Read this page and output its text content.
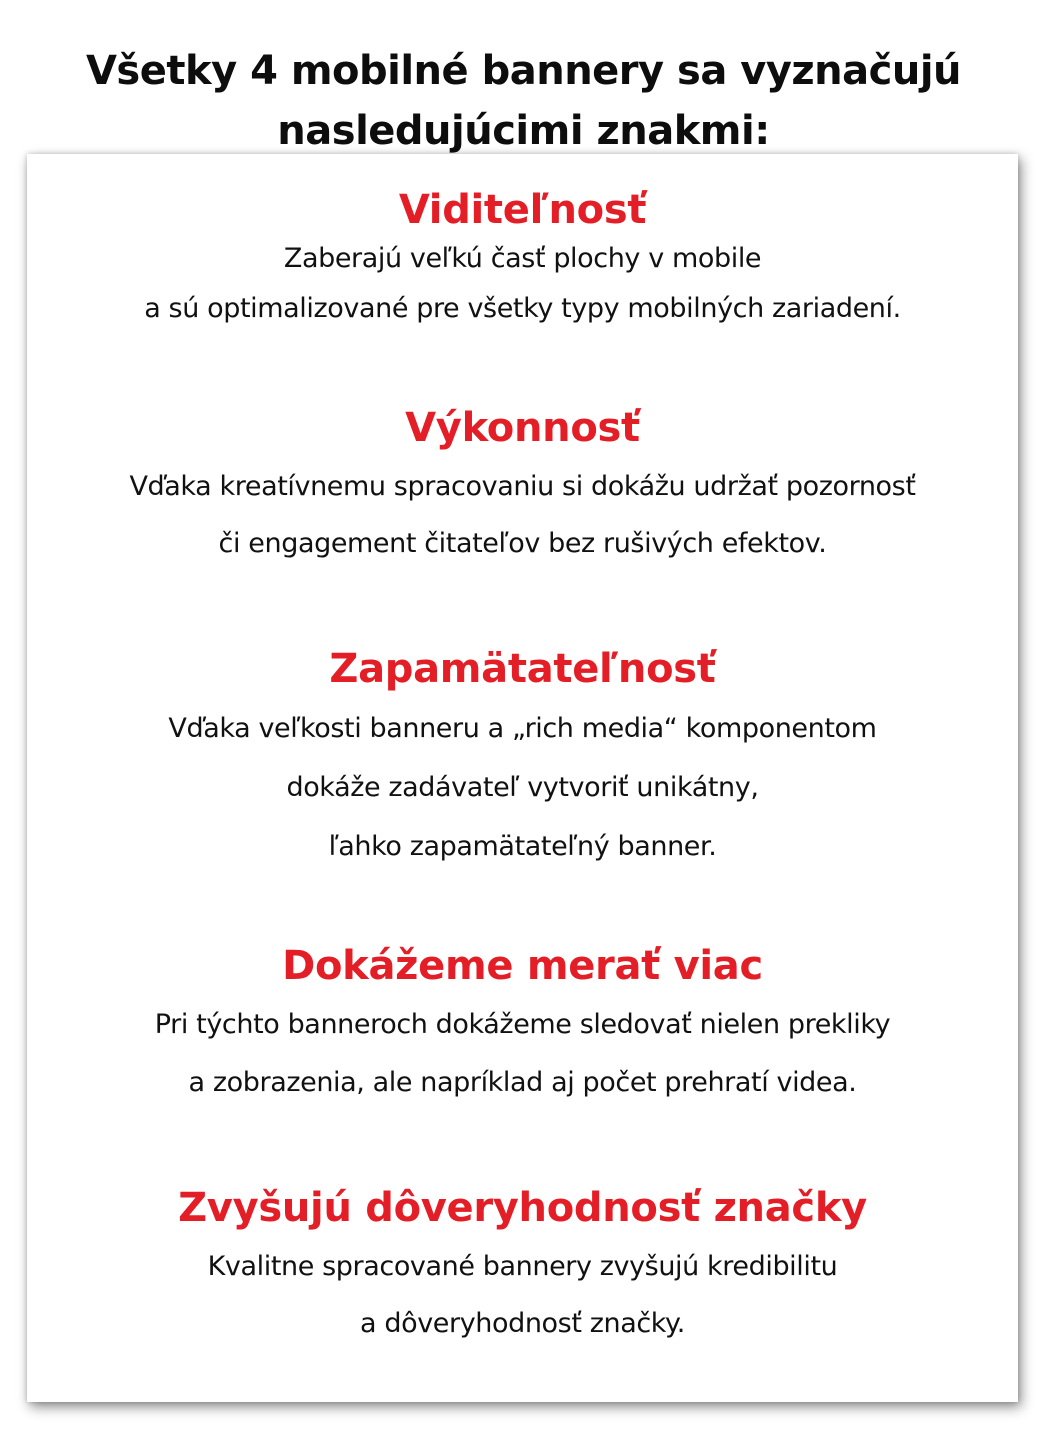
Všetky 4 mobilné bannery sa vyznačujú
nasledujúcimi znakmi:
Viditeľnosť
Zaberajú veľkú časť plochy v mobile
a sú optimalizované pre všetky typy mobilných zariadení.
Výkonnosť
Vďaka kreatívnemu spracovaniu si dokážu udržať pozornosť
či engagement čitateľov bez rušivých efektov.
Zapamätateľnosť
Vďaka veľkosti banneru a „rich media“ komponentom
dokáže zadávateľ vytvoriť unikátny,
ľahko zapamätateľný banner.
Dokážeme merať viac
Pri týchto banneroch dokážeme sledovať nielen prekliky
a zobrazenia, ale napríklad aj počet prehratí videa.
Zvyšujú dôveryhodnosť značky
Kvalitne spracované bannery zvyšujú kredibilitu
a dôveryhodnosť značky.
